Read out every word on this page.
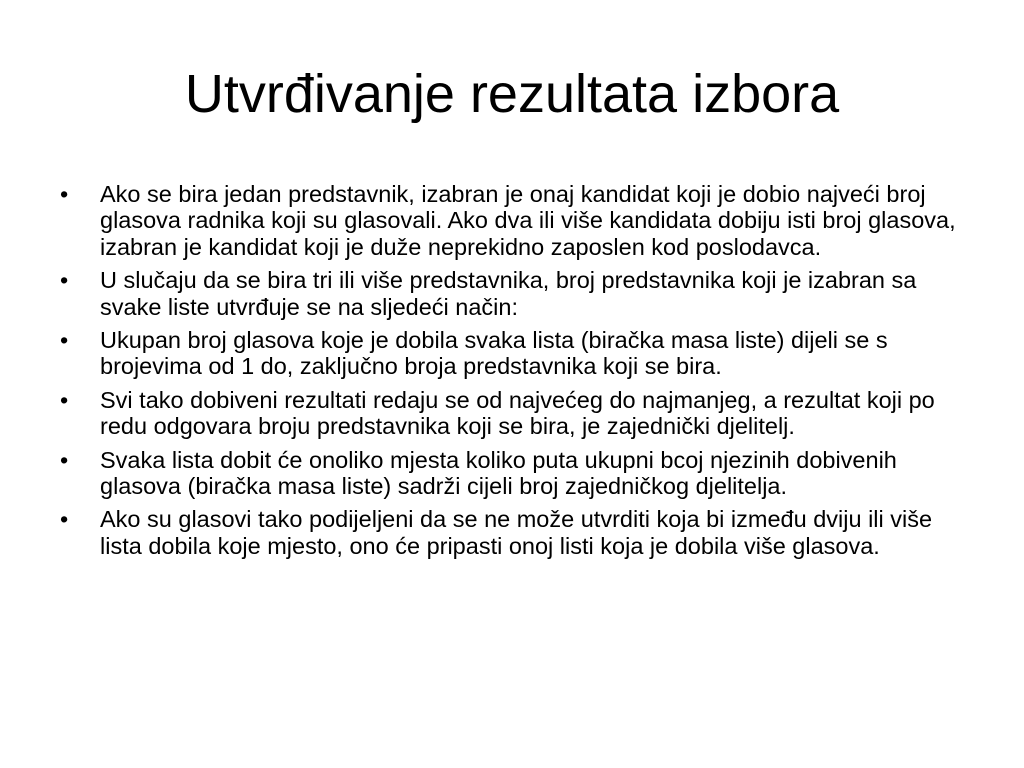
Utvrđivanje rezultata izbora
•	Ako se bira jedan predstavnik, izabran je onaj kandidat koji je dobio najveći broj glasova radnika koji su glasovali. Ako dva ili više kandidata dobiju isti broj glasova, izabran je kandidat koji je duže neprekidno zaposlen kod poslodavca.
•	U slučaju da se bira tri ili više predstavnika, broj predstavnika koji je izabran sa svake liste utvrđuje se na sljedeći način:
•	Ukupan broj glasova koje je dobila svaka lista (biračka masa liste) dijeli se s brojevima od 1 do, zaključno broja predstavnika koji se bira.
•	Svi tako dobiveni rezultati redaju se od najvećeg do najmanjeg, a rezultat koji po redu odgovara broju predstavnika koji se bira, je zajednički djelitelj.
•	Svaka lista dobit će onoliko mjesta koliko puta ukupni bcoj njezinih dobivenih glasova (biračka masa liste) sadrži cijeli broj zajedničkog djelitelja.
•	Ako su glasovi tako podijeljeni da se ne može utvrditi koja bi između dviju ili više lista dobila koje mjesto, ono će pripasti onoj listi koja je dobila više glasova.
